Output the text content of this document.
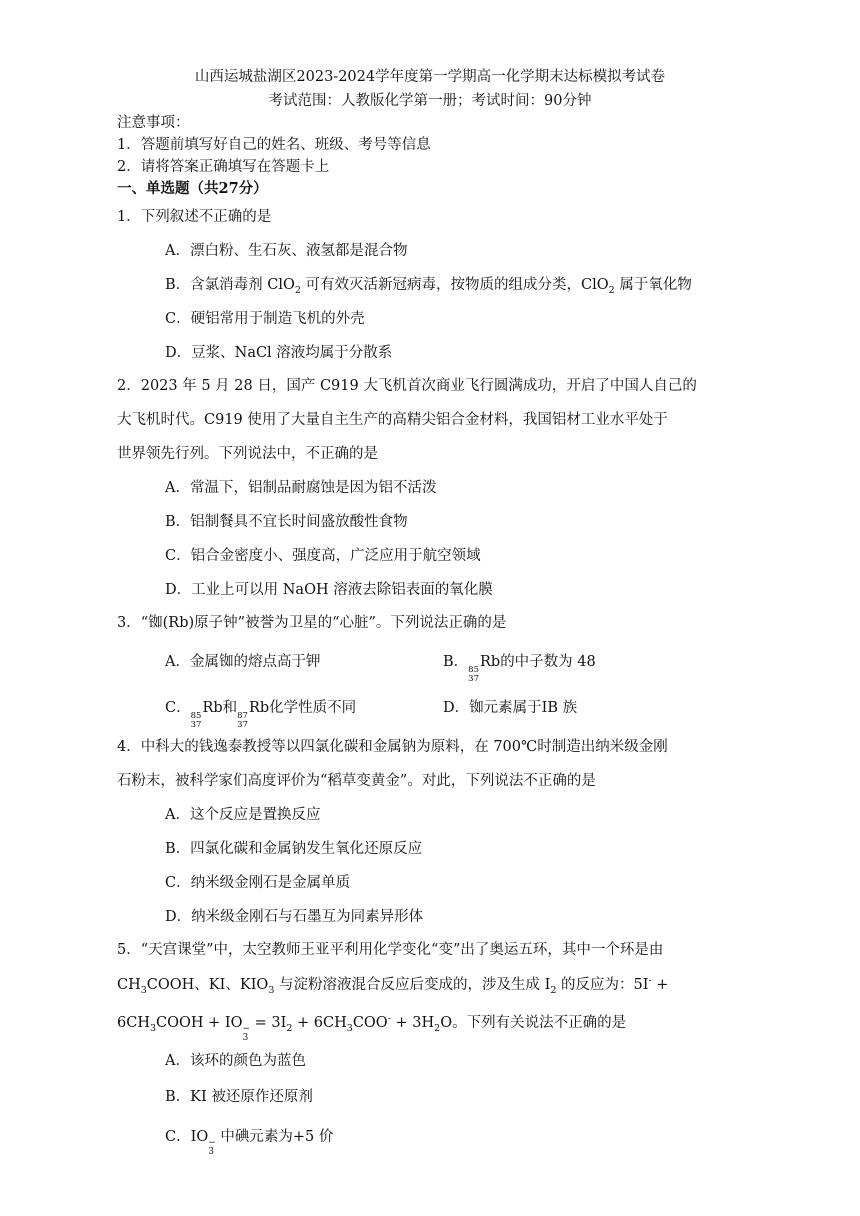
山西运城盐湖区2023-2024学年度第一学期高一化学期末达标模拟考试卷
考试范围：人教版化学第一册；考试时间：90分钟
注意事项：
1．答题前填写好自己的姓名、班级、考号等信息
2．请将答案正确填写在答题卡上
一、单选题（共27分）
1．下列叙述不正确的是
A．漂白粉、生石灰、液氢都是混合物
B．含氯消毒剂 ClO$_2$ 可有效灭活新冠病毒，按物质的组成分类，ClO$_2$ 属于氧化物
C．硬铝常用于制造飞机的外壳
D．豆浆、NaCl 溶液均属于分散系
2．2023 年 5 月 28 日，国产 C919 大飞机首次商业飞行圆满成功，开启了中国人自己的
大飞机时代。C919 使用了大量自主生产的高精尖铝合金材料，我国铝材工业水平处于
世界领先行列。下列说法中，不正确的是
A．常温下，铝制品耐腐蚀是因为铝不活泼
B．铝制餐具不宜长时间盛放酸性食物
C．铝合金密度小、强度高，广泛应用于航空领域
D．工业上可以用 NaOH 溶液去除铝表面的氧化膜
3．“铷(Rb)原子钟”被誉为卫星的“心脏”。下列说法正确的是
A．金属铷的熔点高于钾	B． 85
37
Rb的中子数为 48
C． 85
37
Rb和 87
37
Rb化学性质不同	D．铷元素属于ⅠB 族
4．中科大的钱逸泰教授等以四氯化碳和金属钠为原料，在 700℃时制造出纳米级金刚
石粉末，被科学家们高度评价为“稻草变黄金”。对此，下列说法不正确的是
A．这个反应是置换反应
B．四氯化碳和金属钠发生氧化还原反应
C．纳米级金刚石是金属单质
D．纳米级金刚石与石墨互为同素异形体
5．“天宫课堂”中，太空教师王亚平利用化学变化“变”出了奥运五环，其中一个环是由
$CH_3COOH$、KI、$KIO_3$ 与淀粉溶液混合反应后变成的，涉及生成 $I_2$ 的反应为：5I- +
$6CH_3COOH$ + IO −
3
= $3I_2 + 6CH_3COO^- + 3H_2O$。下列有关说法不正确的是
A．该环的颜色为蓝色
B．KI 被还原作还原剂
C．IO −
3
中碘元素为+5 价
